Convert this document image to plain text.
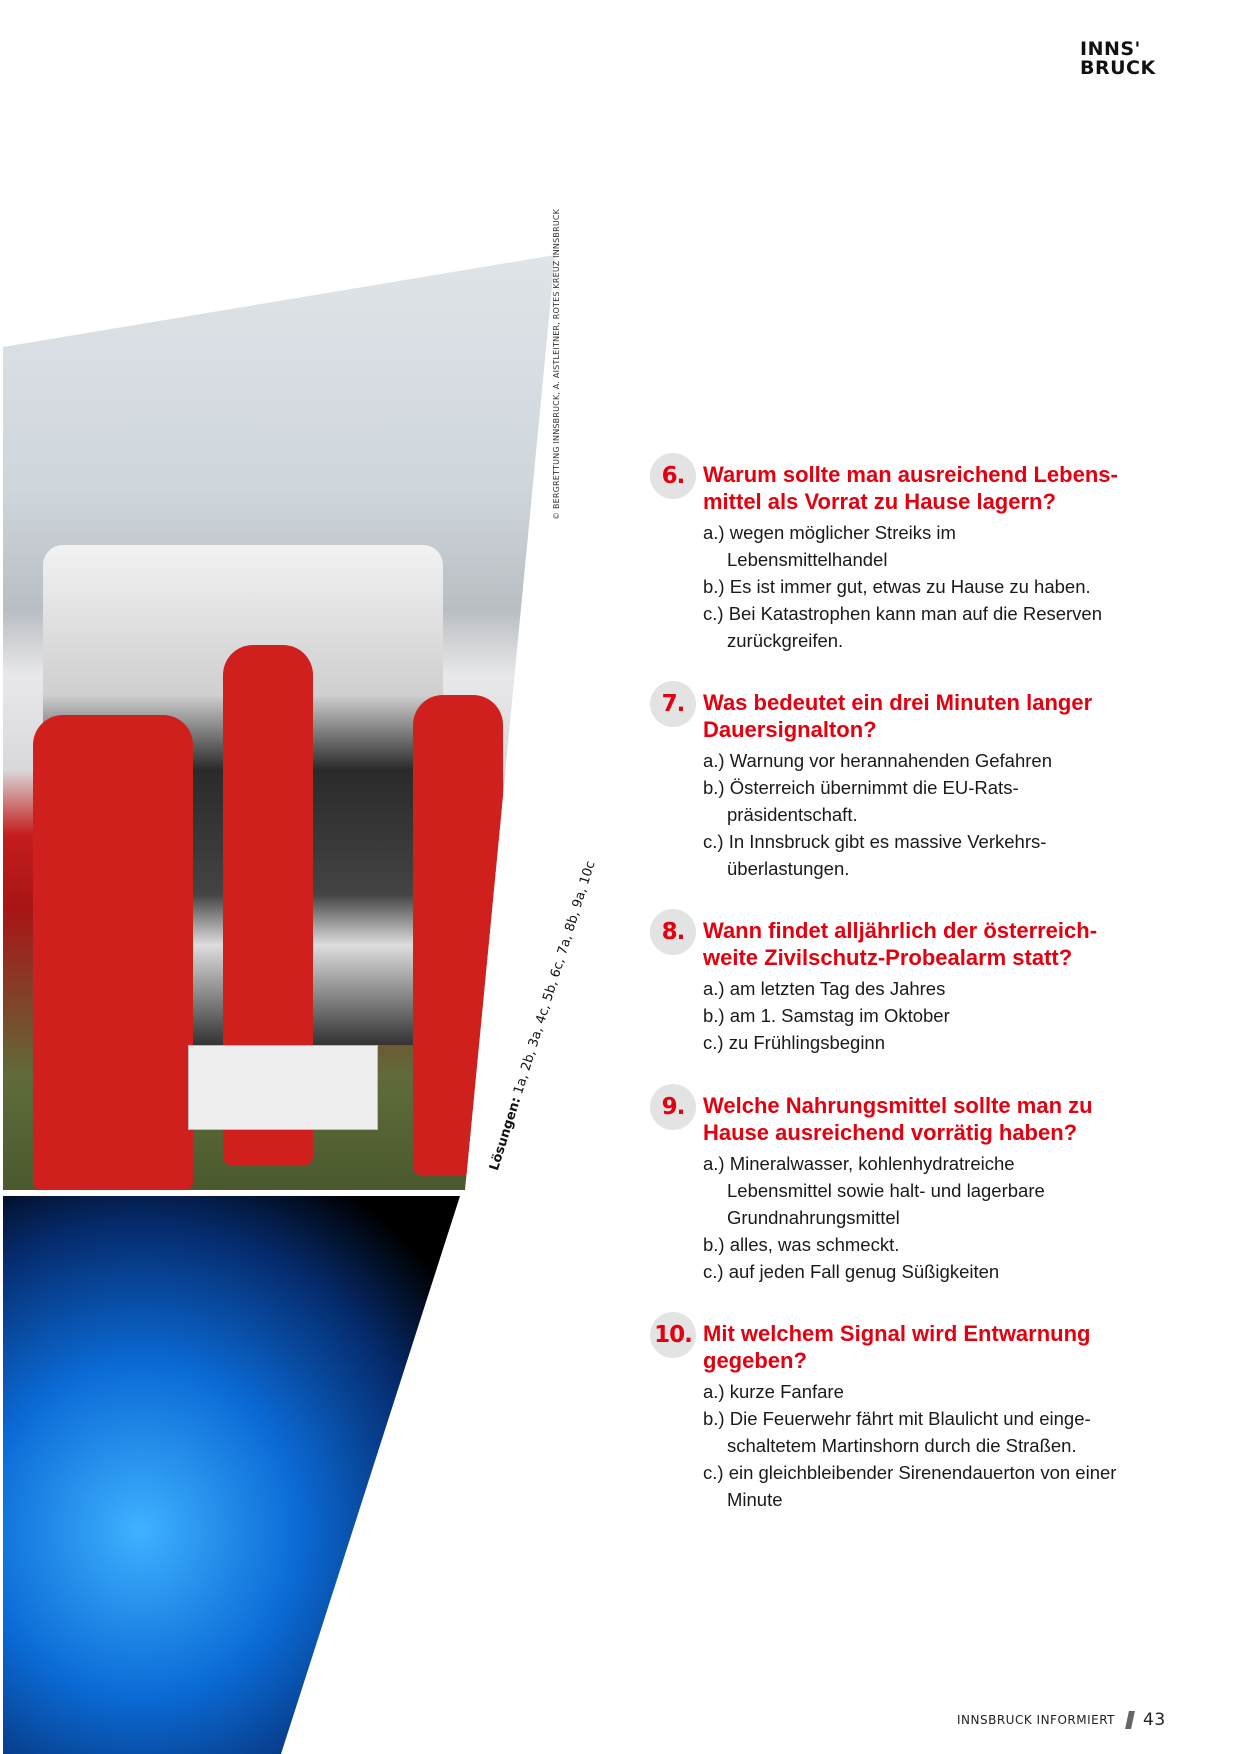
INNS'
BRUCK
© BERGRETTUNG INNSBRUCK, A. AISTLEITNER, ROTES KREUZ INNSBRUCK
Lösungen: 1a, 2b, 3a, 4c, 5b, 6c, 7a, 8b, 9a, 10c
6. Warum sollte man ausreichend Lebens-mittel als Vorrat zu Hause lagern?
a.) wegen möglicher Streiks im Lebensmittelhandel
b.) Es ist immer gut, etwas zu Hause zu haben.
c.) Bei Katastrophen kann man auf die Reserven zurückgreifen.
7. Was bedeutet ein drei Minuten langer Dauersignalton?
a.) Warnung vor herannahenden Gefahren
b.) Österreich übernimmt die EU-Rats-präsidentschaft.
c.) In Innsbruck gibt es massive Verkehrs-überlastungen.
8. Wann findet alljährlich der österreich-weite Zivilschutz-Probealarm statt?
a.) am letzten Tag des Jahres
b.) am 1. Samstag im Oktober
c.) zu Frühlingsbeginn
9. Welche Nahrungsmittel sollte man zu Hause ausreichend vorrätig haben?
a.) Mineralwasser, kohlenhydratreiche Lebensmittel sowie halt- und lagerbare Grundnahrungsmittel
b.) alles, was schmeckt.
c.) auf jeden Fall genug Süßigkeiten
10. Mit welchem Signal wird Entwarnung gegeben?
a.) kurze Fanfare
b.) Die Feuerwehr fährt mit Blaulicht und einge-schaltetem Martinshorn durch die Straßen.
c.) ein gleichbleibender Sirenendauerton von einer Minute
INNSBRUCK INFORMIERT 43
